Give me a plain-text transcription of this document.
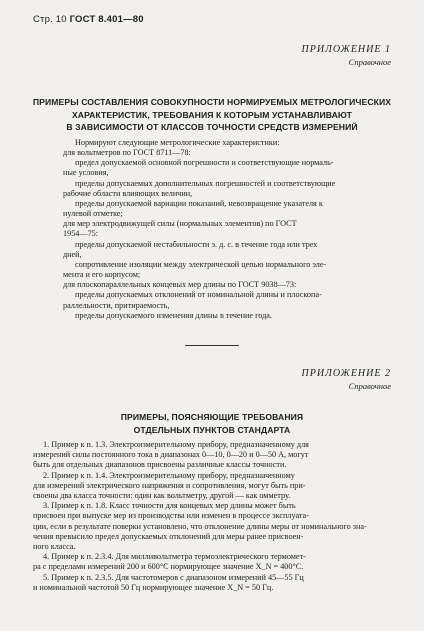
Стр. 10 ГОСТ 8.401—80
ПРИЛОЖЕНИЕ 1
Справочное
ПРИМЕРЫ СОСТАВЛЕНИЯ СОВОКУПНОСТИ НОРМИРУЕМЫХ МЕТРОЛОГИЧЕСКИХ
ХАРАКТЕРИСТИК, ТРЕБОВАНИЯ К КОТОРЫМ УСТАНАВЛИВАЮТ
В ЗАВИСИМОСТИ ОТ КЛАССОВ ТОЧНОСТИ СРЕДСТВ ИЗМЕРЕНИЙ

Нормируют следующие метрологические характеристики:

для вольтметров по ГОСТ 8711—78:

предел допускаемой основной погрешности и соответствующие нормаль-

ные условия,

пределы допускаемых дополнительных погрешностей и соответствующие

рабочие области влияющих величин,

пределы допускаемой вариации показаний, невозвращение указателя к

нулевой отметке;

для мер электродвижущей силы (нормальных элементов) по ГОСТ

1954—75:

пределы допускаемой нестабильности э. д. с. в течение года или трех

дней,

сопротивление изоляции между электрической цепью нормального эле-

мента и его корпусом;

для плоскопараллельных концевых мер длины по ГОСТ 9038—73:

пределы допускаемых отклонений от номинальной длины и плоскопа-

раллельности, притираемость,

пределы допускаемого изменения длины в течение года.

ПРИЛОЖЕНИЕ 2
Справочное
ПРИМЕРЫ, ПОЯСНЯЮЩИЕ ТРЕБОВАНИЯ
ОТДЕЛЬНЫХ ПУНКТОВ СТАНДАРТА

1. Пример к п. 1.3. Электроизмерительному прибору, предназначенному для

измерений силы постоянного тока в диапазонах 0—10, 0—20 и 0—50 А, могут

быть для отдельных диапазонов присвоены различные классы точности.

2. Пример к п. 1.4. Электроизмерительному прибору, предназначенному

для измерений электрического напряжения и сопротивления, могут быть при-

своены два класса точности: один как вольтметру, другой — как омметру.

3. Пример к п. 1.8. Класс точности для концевых мер длины может быть

присвоен при выпуске мер из производства или изменен в процессе эксплуата-

ции, если в результате поверки установлено, что отклонение длины меры от номинального зна-

чения превысило предел допускаемых отклонений для меры ранее присвоен-

ного класса.

4. Пример к п. 2.3.4. Для милливольтметра термоэлектрического термомет-

ра с пределами измерений 200 и 600°C нормирующее значение X_N = 400°C.

5. Пример к п. 2.3.5. Для частотомеров с диапазоном измерений 45—55 Гц

и номинальной частотой 50 Гц нормирующее значение X_N = 50 Гц.
